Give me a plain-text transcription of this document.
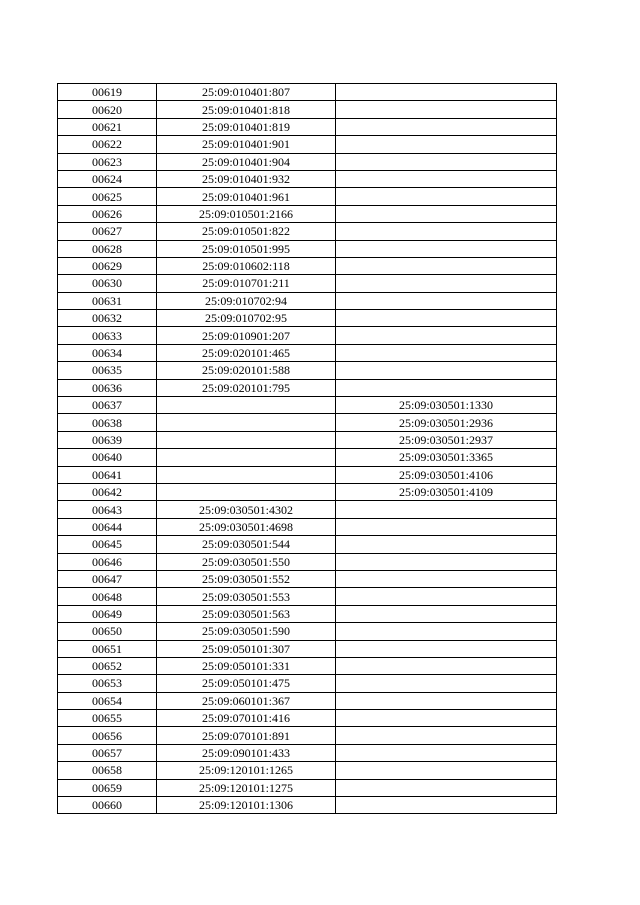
00619	25:09:010401:807	
00620	25:09:010401:818	
00621	25:09:010401:819	
00622	25:09:010401:901	
00623	25:09:010401:904	
00624	25:09:010401:932	
00625	25:09:010401:961	
00626	25:09:010501:2166	
00627	25:09:010501:822	
00628	25:09:010501:995	
00629	25:09:010602:118	
00630	25:09:010701:211	
00631	25:09:010702:94	
00632	25:09:010702:95	
00633	25:09:010901:207	
00634	25:09:020101:465	
00635	25:09:020101:588	
00636	25:09:020101:795	
00637		25:09:030501:1330
00638		25:09:030501:2936
00639		25:09:030501:2937
00640		25:09:030501:3365
00641		25:09:030501:4106
00642		25:09:030501:4109
00643	25:09:030501:4302	
00644	25:09:030501:4698	
00645	25:09:030501:544	
00646	25:09:030501:550	
00647	25:09:030501:552	
00648	25:09:030501:553	
00649	25:09:030501:563	
00650	25:09:030501:590	
00651	25:09:050101:307	
00652	25:09:050101:331	
00653	25:09:050101:475	
00654	25:09:060101:367	
00655	25:09:070101:416	
00656	25:09:070101:891	
00657	25:09:090101:433	
00658	25:09:120101:1265	
00659	25:09:120101:1275	
00660	25:09:120101:1306	
